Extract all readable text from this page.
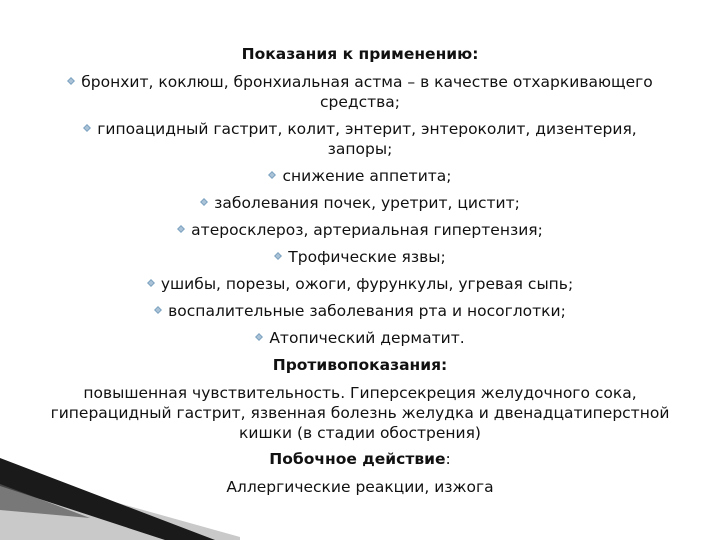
Показания к применению:
бронхит, коклюш, бронхиальная астма – в качестве отхаркивающего средства;
гипоацидный гастрит, колит, энтерит, энтероколит, дизентерия, запоры;
снижение аппетита;
заболевания почек, уретрит, цистит;
атеросклероз, артериальная гипертензия;
Трофические язвы;
ушибы, порезы, ожоги, фурункулы, угревая сыпь;
воспалительные заболевания рта и носоглотки;
Атопический дерматит.
Противопоказания:
повышенная чувствительность. Гиперсекреция желудочного сока, гиперацидный гастрит, язвенная болезнь желудка и двенадцатиперстной кишки (в стадии обострения)
Побочное действие:
Аллергические реакции, изжога
